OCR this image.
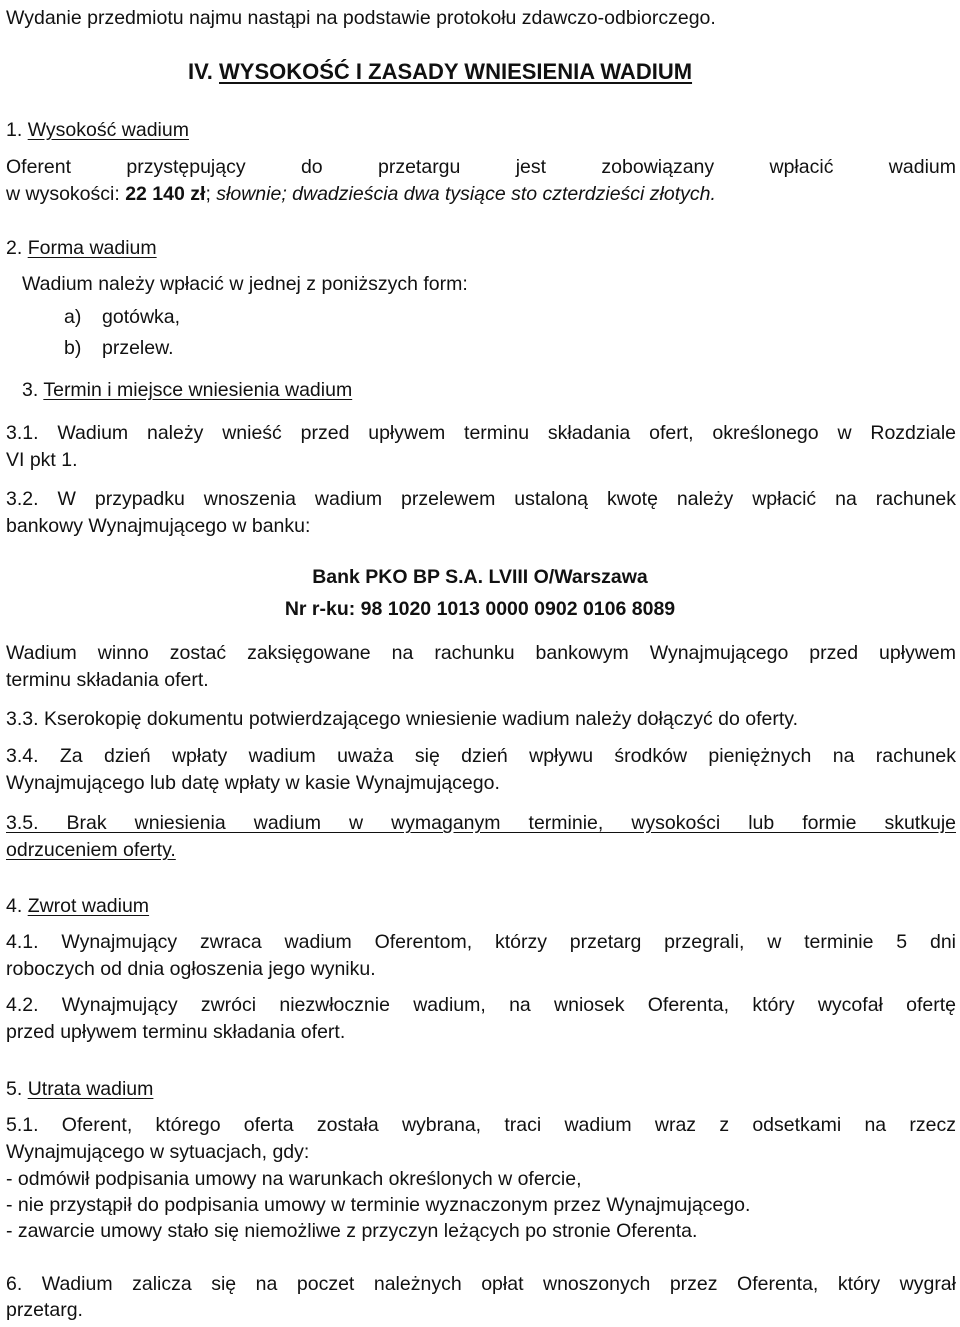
Wydanie przedmiotu najmu nastąpi na podstawie protokołu zdawczo-odbiorczego.
IV. WYSOKOŚĆ I ZASADY WNIESIENIA WADIUM
1. Wysokość wadium
Oferent przystępujący do przetargu jest zobowiązany wpłacić wadium
w wysokości: 22 140 zł; słownie; dwadzieścia dwa tysiące sto czterdzieści złotych.
2. Forma wadium
Wadium należy wpłacić w jednej z poniższych form:
a) gotówka,
b) przelew.
3. Termin i miejsce wniesienia wadium
3.1. Wadium należy wnieść przed upływem terminu składania ofert, określonego w Rozdziale
VI pkt 1.
3.2. W przypadku wnoszenia wadium przelewem ustaloną kwotę należy wpłacić na rachunek
bankowy Wynajmującego w banku:
Bank PKO BP S.A. LVIII O/Warszawa
Nr r-ku: 98 1020 1013 0000 0902 0106 8089
Wadium winno zostać zaksięgowane na rachunku bankowym Wynajmującego przed upływem
terminu składania ofert.
3.3. Kserokopię dokumentu potwierdzającego wniesienie wadium należy dołączyć do oferty.
3.4. Za dzień wpłaty wadium uważa się dzień wpływu środków pieniężnych na rachunek
Wynajmującego lub datę wpłaty w kasie Wynajmującego.
3.5. Brak wniesienia wadium w wymaganym terminie, wysokości lub formie skutkuje
odrzuceniem oferty.
4. Zwrot wadium
4.1. Wynajmujący zwraca wadium Oferentom, którzy przetarg przegrali, w terminie 5 dni
roboczych od dnia ogłoszenia jego wyniku.
4.2. Wynajmujący zwróci niezwłocznie wadium, na wniosek Oferenta, który wycofał ofertę
przed upływem terminu składania ofert.
5. Utrata wadium
5.1. Oferent, którego oferta została wybrana, traci wadium wraz z odsetkami na rzecz
Wynajmującego w sytuacjach, gdy:
- odmówił podpisania umowy na warunkach określonych w ofercie,
- nie przystąpił do podpisania umowy w terminie wyznaczonym przez Wynajmującego.
- zawarcie umowy stało się niemożliwe z przyczyn leżących po stronie Oferenta.
6. Wadium zalicza się na poczet należnych opłat wnoszonych przez Oferenta, który wygrał
przetarg.
